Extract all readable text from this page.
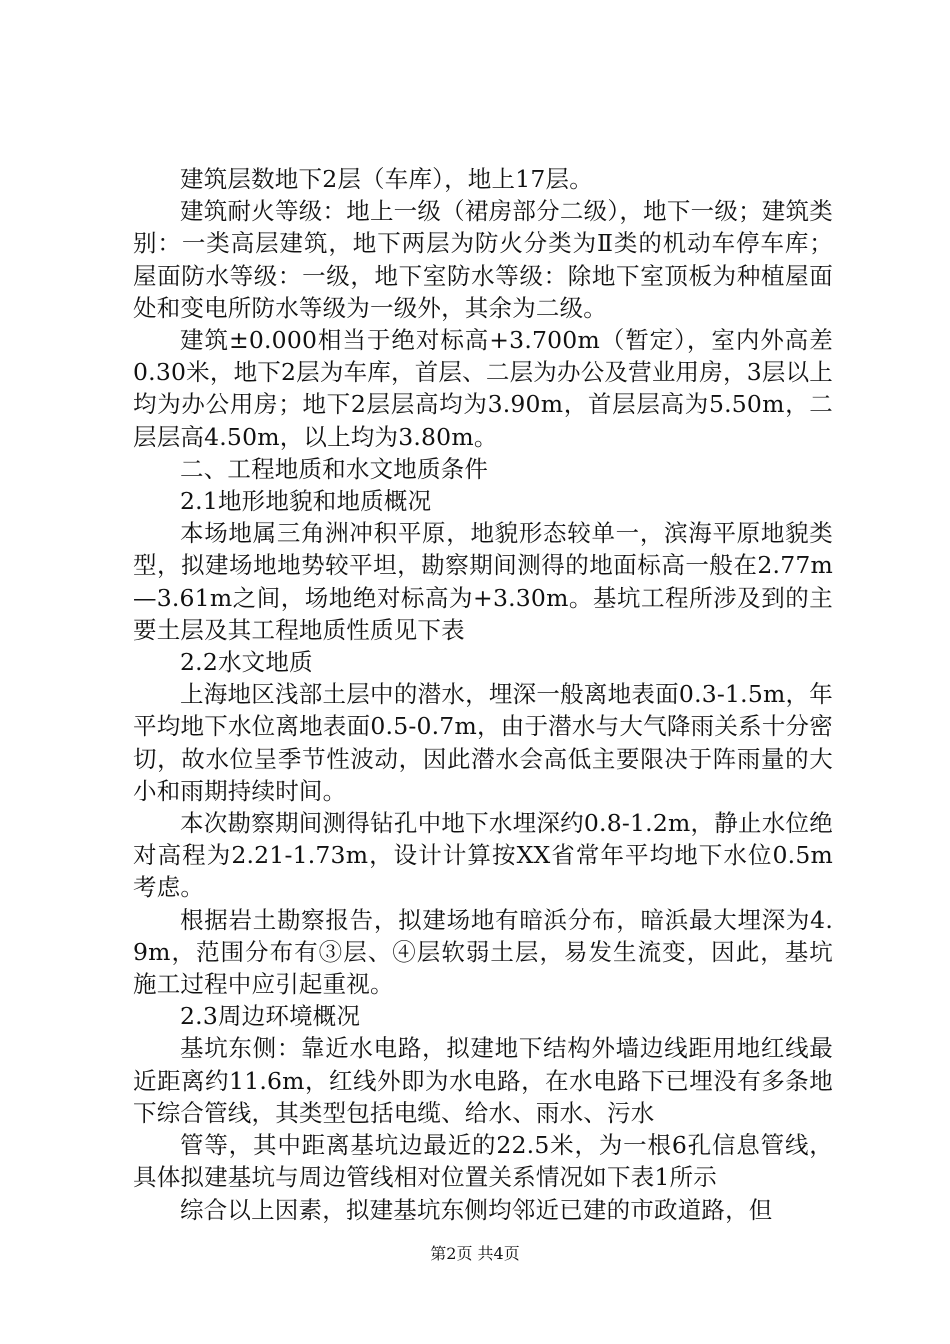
建筑层数地下2层（车库），地上17层。

建筑耐火等级：地上一级（裙房部分二级），地下一级；建筑类别：一类高层建筑，地下两层为防火分类为Ⅱ类的机动车停车库；屋面防水等级：一级，地下室防水等级：除地下室顶板为种植屋面处和变电所防水等级为一级外，其余为二级。

建筑±0.000相当于绝对标高+3.700m（暂定），室内外高差0.30米，地下2层为车库，首层、二层为办公及营业用房，3层以上均为办公用房；地下2层层高均为3.90m，首层层高为5.50m，二层层高4.50m，以上均为3.80m。

二、工程地质和水文地质条件

2.1地形地貌和地质概况

本场地属三角洲冲积平原，地貌形态较单一，滨海平原地貌类型，拟建场地地势较平坦，勘察期间测得的地面标高一般在2.77m—3.61m之间，场地绝对标高为+3.30m。基坑工程所涉及到的主要土层及其工程地质性质见下表

2.2水文地质

上海地区浅部土层中的潜水，埋深一般离地表面0.3-1.5m，年平均地下水位离地表面0.5-0.7m，由于潜水与大气降雨关系十分密切，故水位呈季节性波动，因此潜水会高低主要限决于阵雨量的大小和雨期持续时间。

本次勘察期间测得钻孔中地下水埋深约0.8-1.2m，静止水位绝对高程为2.21-1.73m，设计计算按XX省常年平均地下水位0.5m考虑。

根据岩土勘察报告，拟建场地有暗浜分布，暗浜最大埋深为4.9m，范围分布有③层、④层软弱土层，易发生流变，因此，基坑施工过程中应引起重视。

2.3周边环境概况

基坑东侧：靠近水电路，拟建地下结构外墙边线距用地红线最近距离约11.6m，红线外即为水电路，在水电路下已埋没有多条地下综合管线，其类型包括电缆、给水、雨水、污水

管等，其中距离基坑边最近的22.5米，为一根6孔信息管线，具体拟建基坑与周边管线相对位置关系情况如下表1所示

综合以上因素，拟建基坑东侧均邻近已建的市政道路，但

第2页 共4页
